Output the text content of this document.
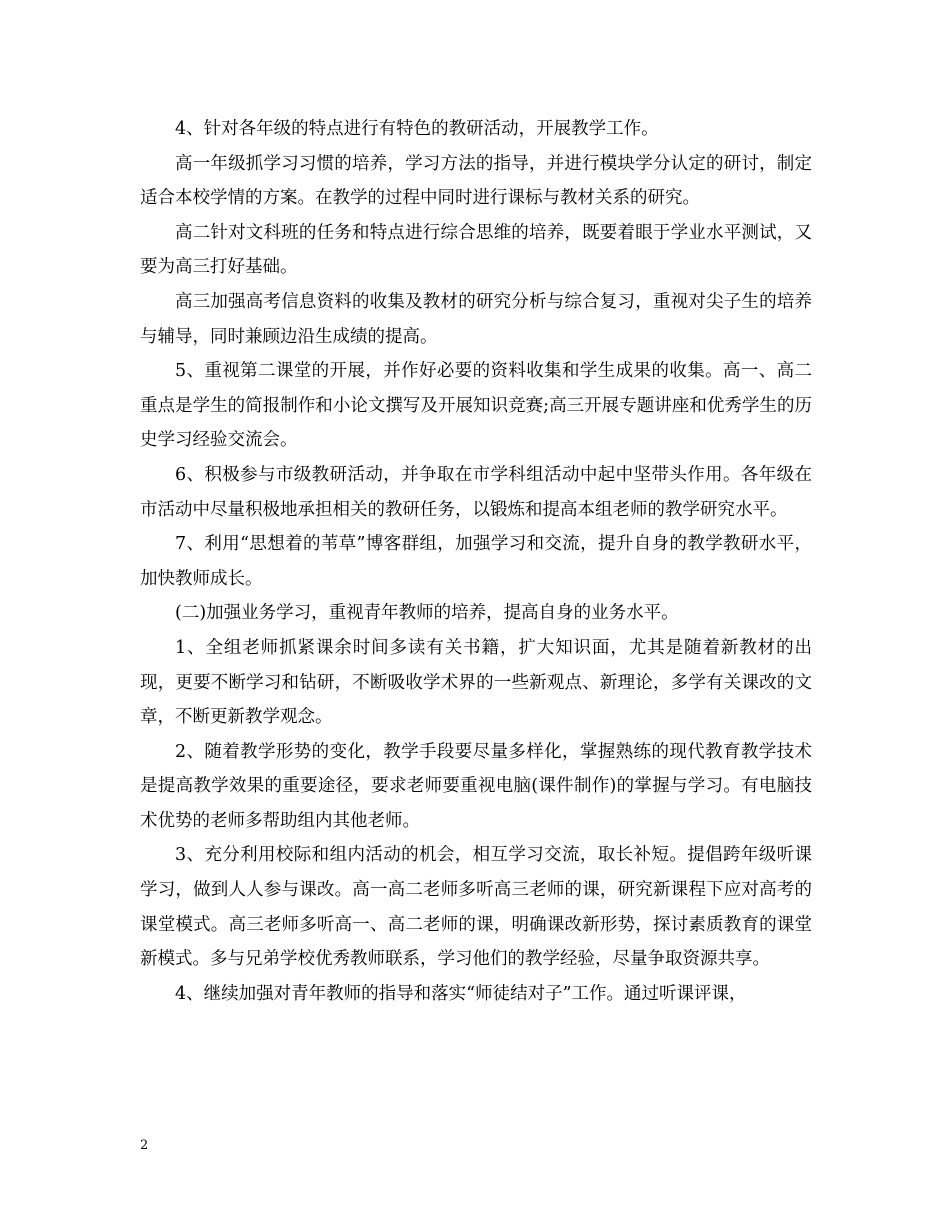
4、针对各年级的特点进行有特色的教研活动，开展教学工作。

高一年级抓学习习惯的培养，学习方法的指导，并进行模块学分认定的研讨，制定适合本校学情的方案。在教学的过程中同时进行课标与教材关系的研究。

高二针对文科班的任务和特点进行综合思维的培养，既要着眼于学业水平测试，又要为高三打好基础。

高三加强高考信息资料的收集及教材的研究分析与综合复习，重视对尖子生的培养与辅导，同时兼顾边沿生成绩的提高。

5、重视第二课堂的开展，并作好必要的资料收集和学生成果的收集。高一、高二重点是学生的简报制作和小论文撰写及开展知识竞赛;高三开展专题讲座和优秀学生的历史学习经验交流会。

6、积极参与市级教研活动，并争取在市学科组活动中起中坚带头作用。各年级在市活动中尽量积极地承担相关的教研任务，以锻炼和提高本组老师的教学研究水平。

7、利用“思想着的苇草”博客群组，加强学习和交流，提升自身的教学教研水平，加快教师成长。

(二)加强业务学习，重视青年教师的培养，提高自身的业务水平。

1、全组老师抓紧课余时间多读有关书籍，扩大知识面，尤其是随着新教材的出现，更要不断学习和钻研，不断吸收学术界的一些新观点、新理论，多学有关课改的文章，不断更新教学观念。

2、随着教学形势的变化，教学手段要尽量多样化，掌握熟练的现代教育教学技术是提高教学效果的重要途径，要求老师要重视电脑(课件制作)的掌握与学习。有电脑技术优势的老师多帮助组内其他老师。

3、充分利用校际和组内活动的机会，相互学习交流，取长补短。提倡跨年级听课学习，做到人人参与课改。高一高二老师多听高三老师的课，研究新课程下应对高考的课堂模式。高三老师多听高一、高二老师的课，明确课改新形势，探讨素质教育的课堂新模式。多与兄弟学校优秀教师联系，学习他们的教学经验，尽量争取资源共享。

4、继续加强对青年教师的指导和落实“师徒结对子”工作。通过听课评课，

2
